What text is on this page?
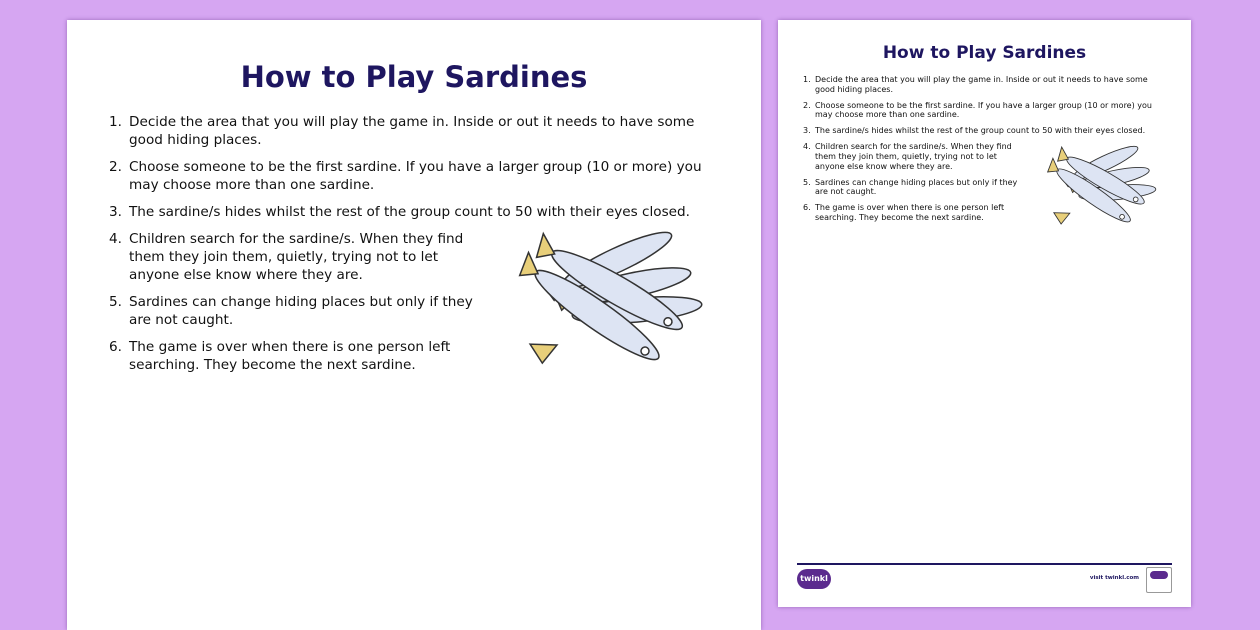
How to Play Sardines
1. Decide the area that you will play the game in. Inside or out it needs to have some good hiding places.
2. Choose someone to be the first sardine. If you have a larger group (10 or more) you may choose more than one sardine.
3. The sardine/s hides whilst the rest of the group count to 50 with their eyes closed.
4. Children search for the sardine/s. When they find them they join them, quietly, trying not to let anyone else know where they are.
5. Sardines can change hiding places but only if they are not caught.
6. The game is over when there is one person left searching. They become the next sardine.
How to Play Sardines
1. Decide the area that you will play the game in. Inside or out it needs to have some good hiding places.
2. Choose someone to be the first sardine. If you have a larger group (10 or more) you may choose more than one sardine.
3. The sardine/s hides whilst the rest of the group count to 50 with their eyes closed.
4. Children search for the sardine/s. When they find them they join them, quietly, trying not to let anyone else know where they are.
5. Sardines can change hiding places but only if they are not caught.
6. The game is over when there is one person left searching. They become the next sardine.
twinkl	visit twinkl.com
